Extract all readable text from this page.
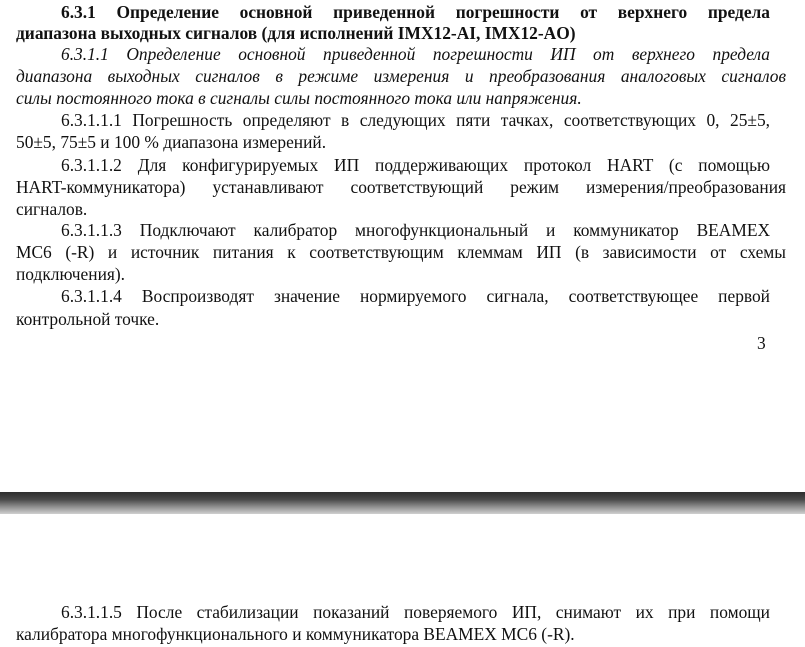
6.3.1 Определение основной приведенной погрешности от верхнего предела
диапазона выходных сигналов (для исполнений IMX12-AI, IMX12-AO)
6.3.1.1 Определение основной приведенной погрешности ИП от верхнего предела
диапазона выходных сигналов в режиме измерения и преобразования аналоговых сигналов
силы постоянного тока в сигналы силы постоянного тока или напряжения.
6.3.1.1.1 Погрешность определяют в следующих пяти тачках, соответствующих 0, 25±5,
50±5, 75±5 и 100 % диапазона измерений.
6.3.1.1.2 Для конфигурируемых ИП поддерживающих протокол HART (с помощью
HART-коммуникатора) устанавливают соответствующий режим измерения/преобразования
сигналов.
6.3.1.1.3 Подключают калибратор многофункциональный и коммуникатор BEAMEX
MC6 (-R) и источник питания к соответствующим клеммам ИП (в зависимости от схемы
подключения).
6.3.1.1.4 Воспроизводят значение нормируемого сигнала, соответствующее первой
контрольной точке.
3
6.3.1.1.5 После стабилизации показаний поверяемого ИП, снимают их при помощи
калибратора многофункционального и коммуникатора BEAMEX MC6 (-R).
